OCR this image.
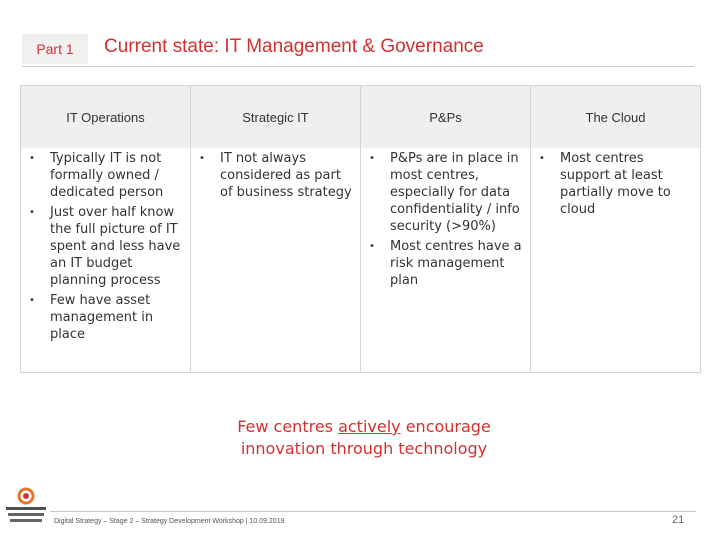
Part 1 Current state: IT Management & Governance
IT Operations
• Typically IT is not formally owned / dedicated person
• Just over half know the full picture of IT spent and less have an IT budget planning process
• Few have asset management in place
Strategic IT
• IT not always considered as part of business strategy
P&Ps
• P&Ps are in place in most centres, especially for data confidentiality / info security (>90%)
• Most centres have a risk management plan
The Cloud
• Most centres support at least partially move to cloud
Few centres actively encourage innovation through technology
Digital Strategy – Stage 2 – Strategy Development Workshop | 10.09.2019	21
